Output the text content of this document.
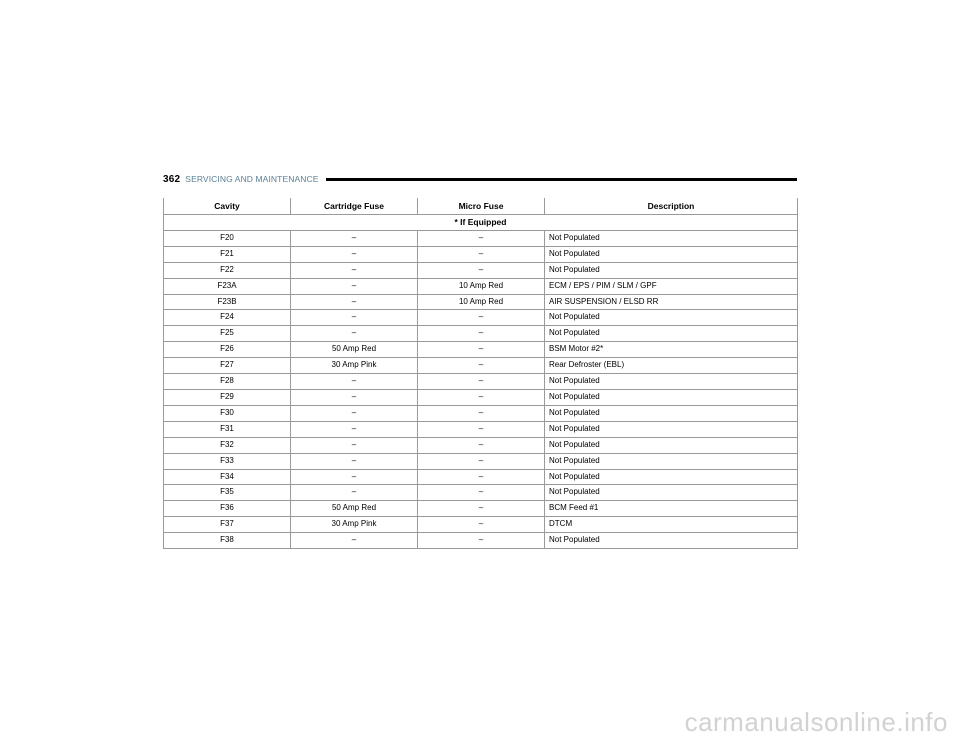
362 SERVICING AND MAINTENANCE
Cavity	Cartridge Fuse	Micro Fuse	Description
* If Equipped			
F20	–	–	Not Populated
F21	–	–	Not Populated
F22	–	–	Not Populated
F23A	–	10 Amp Red	ECM / EPS / PIM / SLM / GPF
F23B	–	10 Amp Red	AIR SUSPENSION / ELSD RR
F24	–	–	Not Populated
F25	–	–	Not Populated
F26	50 Amp Red	–	BSM Motor #2*
F27	30 Amp Pink	–	Rear Defroster (EBL)
F28	–	–	Not Populated
F29	–	–	Not Populated
F30	–	–	Not Populated
F31	–	–	Not Populated
F32	–	–	Not Populated
F33	–	–	Not Populated
F34	–	–	Not Populated
F35	–	–	Not Populated
F36	50 Amp Red	–	BCM Feed #1
F37	30 Amp Pink	–	DTCM
F38	–	–	Not Populated
carmanualsonline.info
